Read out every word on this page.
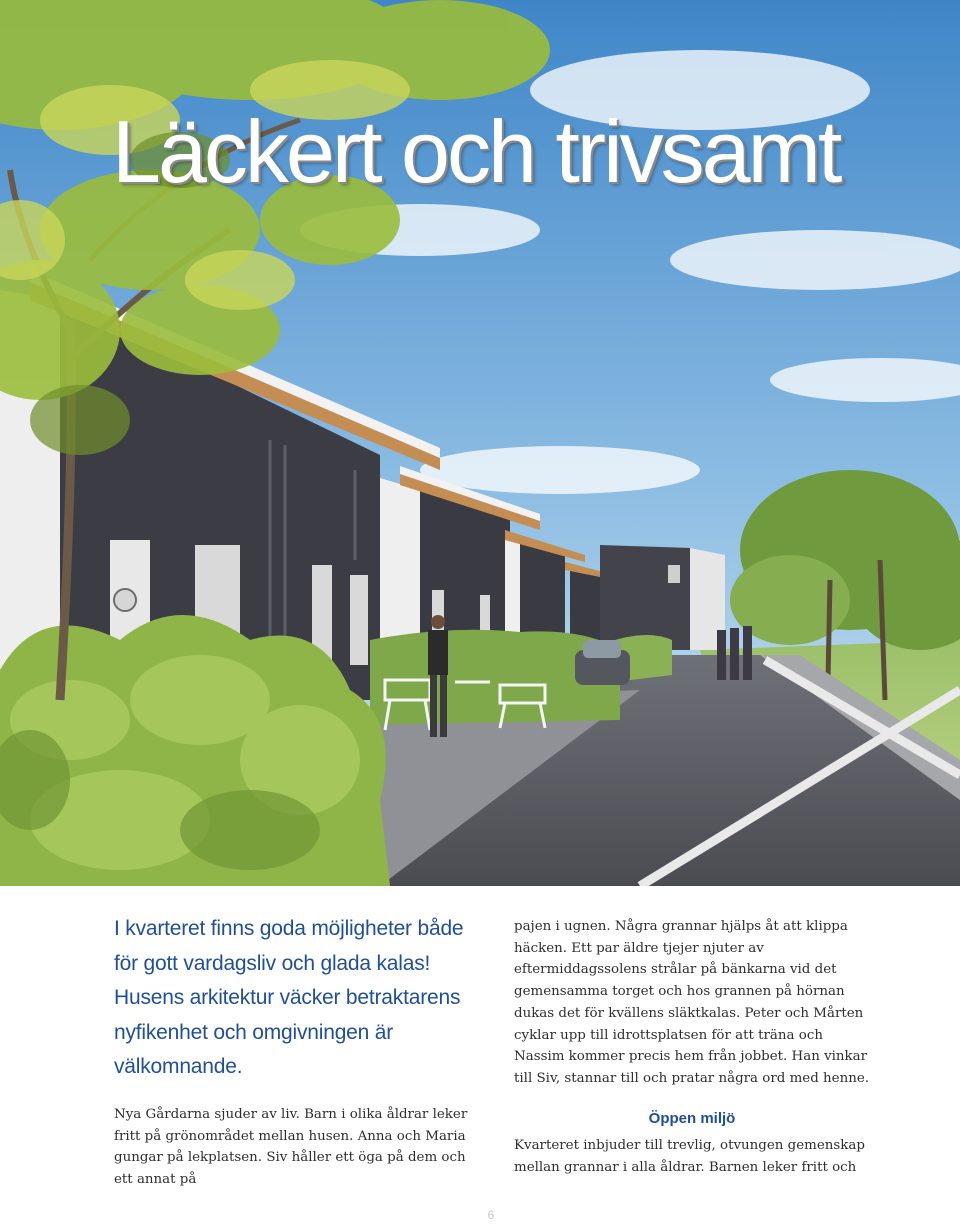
Läckert och trivsamt

I kvarteret finns goda möjligheter både för gott vardagsliv och glada kalas! Husens arkitektur väcker betraktarens nyfikenhet och omgivningen är välkomnande.

Nya Gårdarna sjuder av liv. Barn i olika åldrar leker fritt på grönområdet mellan husen. Anna och Maria gungar på lekplatsen. Siv håller ett öga på dem och ett annat på

pajen i ugnen. Några grannar hjälps åt att klippa häcken. Ett par äldre tjejer njuter av eftermiddagssolens strålar på bänkarna vid det gemensamma torget och hos grannen på hörnan dukas det för kvällens släktkalas. Peter och Mårten cyklar upp till idrottsplatsen för att träna och Nassim kommer precis hem från jobbet. Han vinkar till Siv, stannar till och pratar några ord med henne.

Öppen miljö

Kvarteret inbjuder till trevlig, otvungen gemenskap mellan grannar i alla åldrar. Barnen leker fritt och

6
